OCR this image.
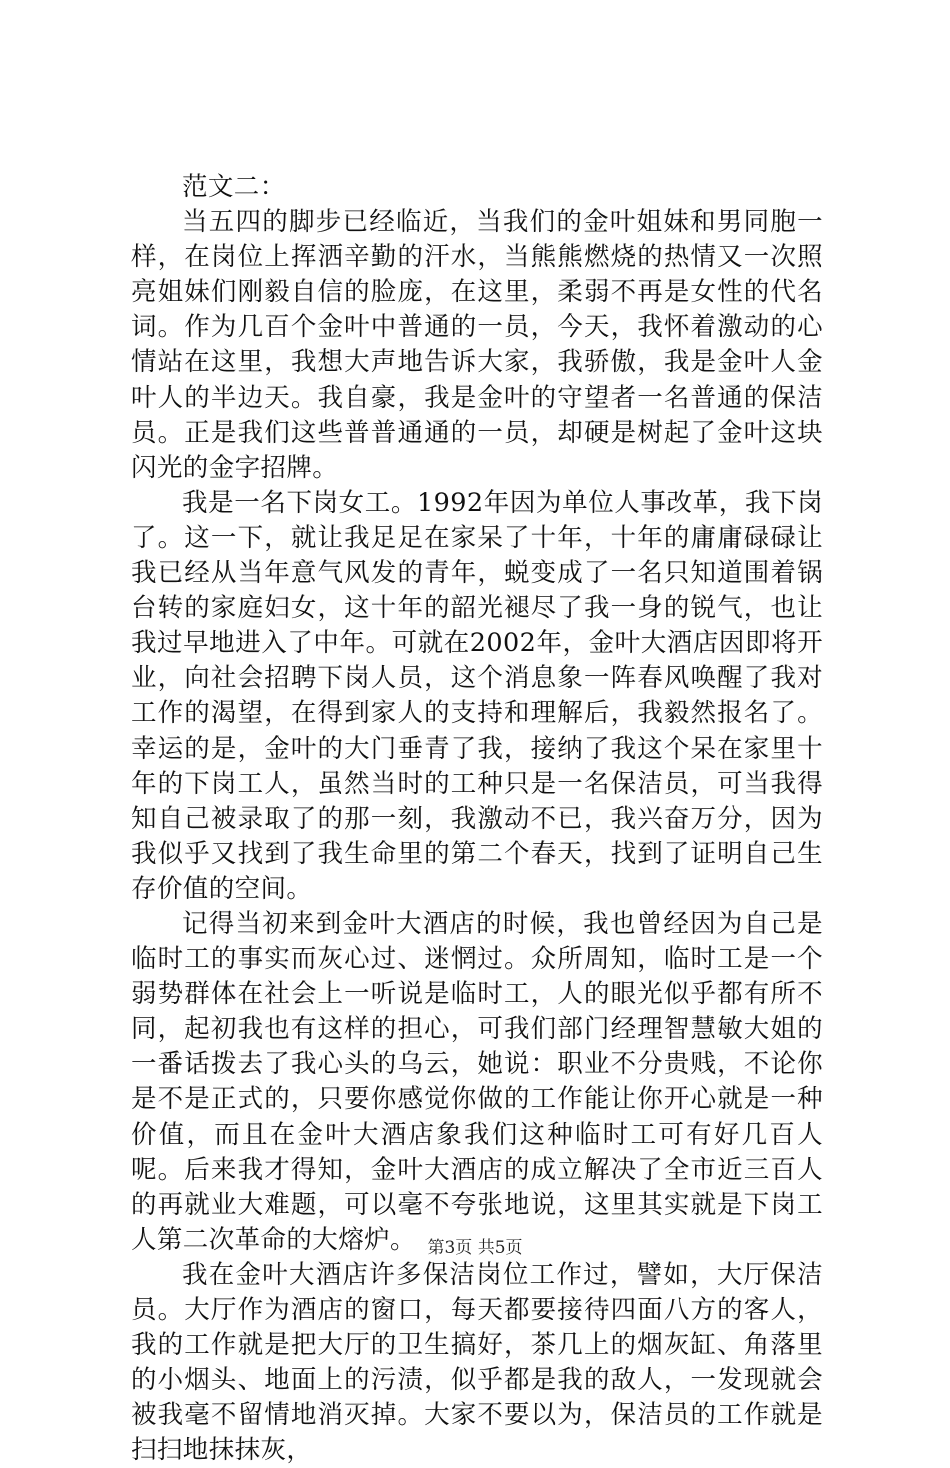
范文二：

当五四的脚步已经临近，当我们的金叶姐妹和男同胞一样，在岗位上挥洒辛勤的汗水，当熊熊燃烧的热情又一次照亮姐妹们刚毅自信的脸庞，在这里，柔弱不再是女性的代名词。作为几百个金叶中普通的一员，今天，我怀着激动的心情站在这里，我想大声地告诉大家，我骄傲，我是金叶人金叶人的半边天。我自豪，我是金叶的守望者一名普通的保洁员。正是我们这些普普通通的一员，却硬是树起了金叶这块闪光的金字招牌。

我是一名下岗女工。1992年因为单位人事改革，我下岗了。这一下，就让我足足在家呆了十年，十年的庸庸碌碌让我已经从当年意气风发的青年，蜕变成了一名只知道围着锅台转的家庭妇女，这十年的韶光褪尽了我一身的锐气，也让我过早地进入了中年。可就在2002年，金叶大酒店因即将开业，向社会招聘下岗人员，这个消息象一阵春风唤醒了我对工作的渴望，在得到家人的支持和理解后，我毅然报名了。幸运的是，金叶的大门垂青了我，接纳了我这个呆在家里十年的下岗工人，虽然当时的工种只是一名保洁员，可当我得知自己被录取了的那一刻，我激动不已，我兴奋万分，因为我似乎又找到了我生命里的第二个春天，找到了证明自己生存价值的空间。

记得当初来到金叶大酒店的时候，我也曾经因为自己是临时工的事实而灰心过、迷惘过。众所周知，临时工是一个弱势群体在社会上一听说是临时工，人的眼光似乎都有所不同，起初我也有这样的担心，可我们部门经理智慧敏大姐的一番话拨去了我心头的乌云，她说：职业不分贵贱，不论你是不是正式的，只要你感觉你做的工作能让你开心就是一种价值，而且在金叶大酒店象我们这种临时工可有好几百人呢。后来我才得知，金叶大酒店的成立解决了全市近三百人的再就业大难题，可以毫不夸张地说，这里其实就是下岗工人第二次革命的大熔炉。

我在金叶大酒店许多保洁岗位工作过，譬如，大厅保洁员。大厅作为酒店的窗口，每天都要接待四面八方的客人，我的工作就是把大厅的卫生搞好，茶几上的烟灰缸、角落里的小烟头、地面上的污渍，似乎都是我的敌人，一发现就会被我毫不留情地消灭掉。大家不要以为，保洁员的工作就是扫扫地抹抹灰，

第3页 共5页
